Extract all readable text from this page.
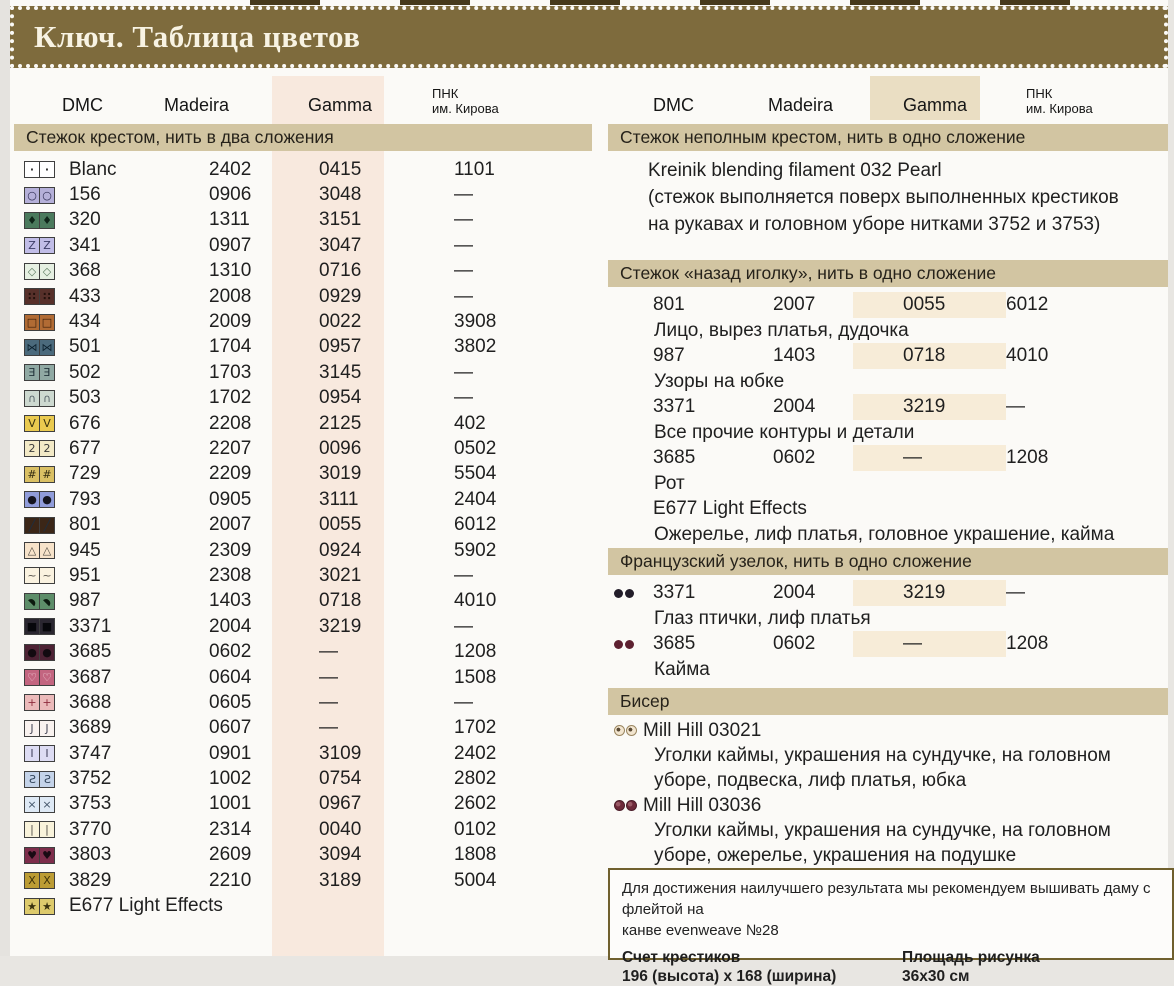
Ключ. Таблица цветов
DMC	Madeira	Gamma
ПНК
им. Кирова	DMC	Madeira	Gamma
ПНК
им. Кирова
Стежок крестом, нить в два сложения
· · Blanc	2402	0415	1101
○ ○ 156	0906	3048	—
♦ ♦ 320	1311	3151	—
Z Z 341	0907	3047	—
◇ ◇ 368	1310	0716	—
∷ ∷ 433	2008	0929	—
□ □ 434	2009	0022	3908
⋈ ⋈ 501	1704	0957	3802
Ǝ Ǝ 502	1703	3145	—
∩ ∩ 503	1702	0954	—
V V 676	2208	2125	402
2 2 677	2207	0096	0502
# # 729	2209	3019	5504
● ● 793	0905	3111	2404
╱ ╱ 801	2007	0055	6012
△ △ 945	2309	0924	5902
~ ~ 951	2308	3021	—
◗ ◗ 987	1403	0718	4010
■ ■ 3371	2004	3219	—
● ● 3685	0602	—	1208
♡ ♡ 3687	0604	—	1508
+ + 3688	0605	—	—
J J 3689	0607	—	1702
I I 3747	0901	3109	2402
S S 3752	1002	0754	2802
× × 3753	1001	0967	2602
| | 3770	2314	0040	0102
♥ ♥ 3803	2609	3094	1808
X X 3829	2210	3189	5004
★ ★ E677 Light Effects
Стежок неполным крестом, нить в одно сложение
Kreinik blending filament 032 Pearl
(стежок выполняется поверх выполненных крестиков
на рукавах и головном уборе нитками 3752 и 3753)
Стежок «назад иголку», нить в одно сложение
801	2007	0055	6012
Лицо, вырез платья, дудочка
987	1403	0718	4010
Узоры на юбке
3371	2004	3219	—
Все прочие контуры и детали
3685	0602	—	1208
Рот
E677 Light Effects
Ожерелье, лиф платья, головное украшение, кайма
Французский узелок, нить в одно сложение
3371	2004	3219	—
Глаз птички, лиф платья
3685	0602	—	1208
Кайма
Бисер
Mill Hill 03021
Уголки каймы, украшения на сундучке, на головном
уборе, подвеска, лиф платья, юбка
Mill Hill 03036
Уголки каймы, украшения на сундучке, на головном
уборе, ожерелье, украшения на подушке
Для достижения наилучшего результата мы рекомендуем вышивать даму с флейтой на
канве evenweave №28
Счет крестиков
196 (высота) x 168 (ширина)
Площадь рисунка
36x30 см
